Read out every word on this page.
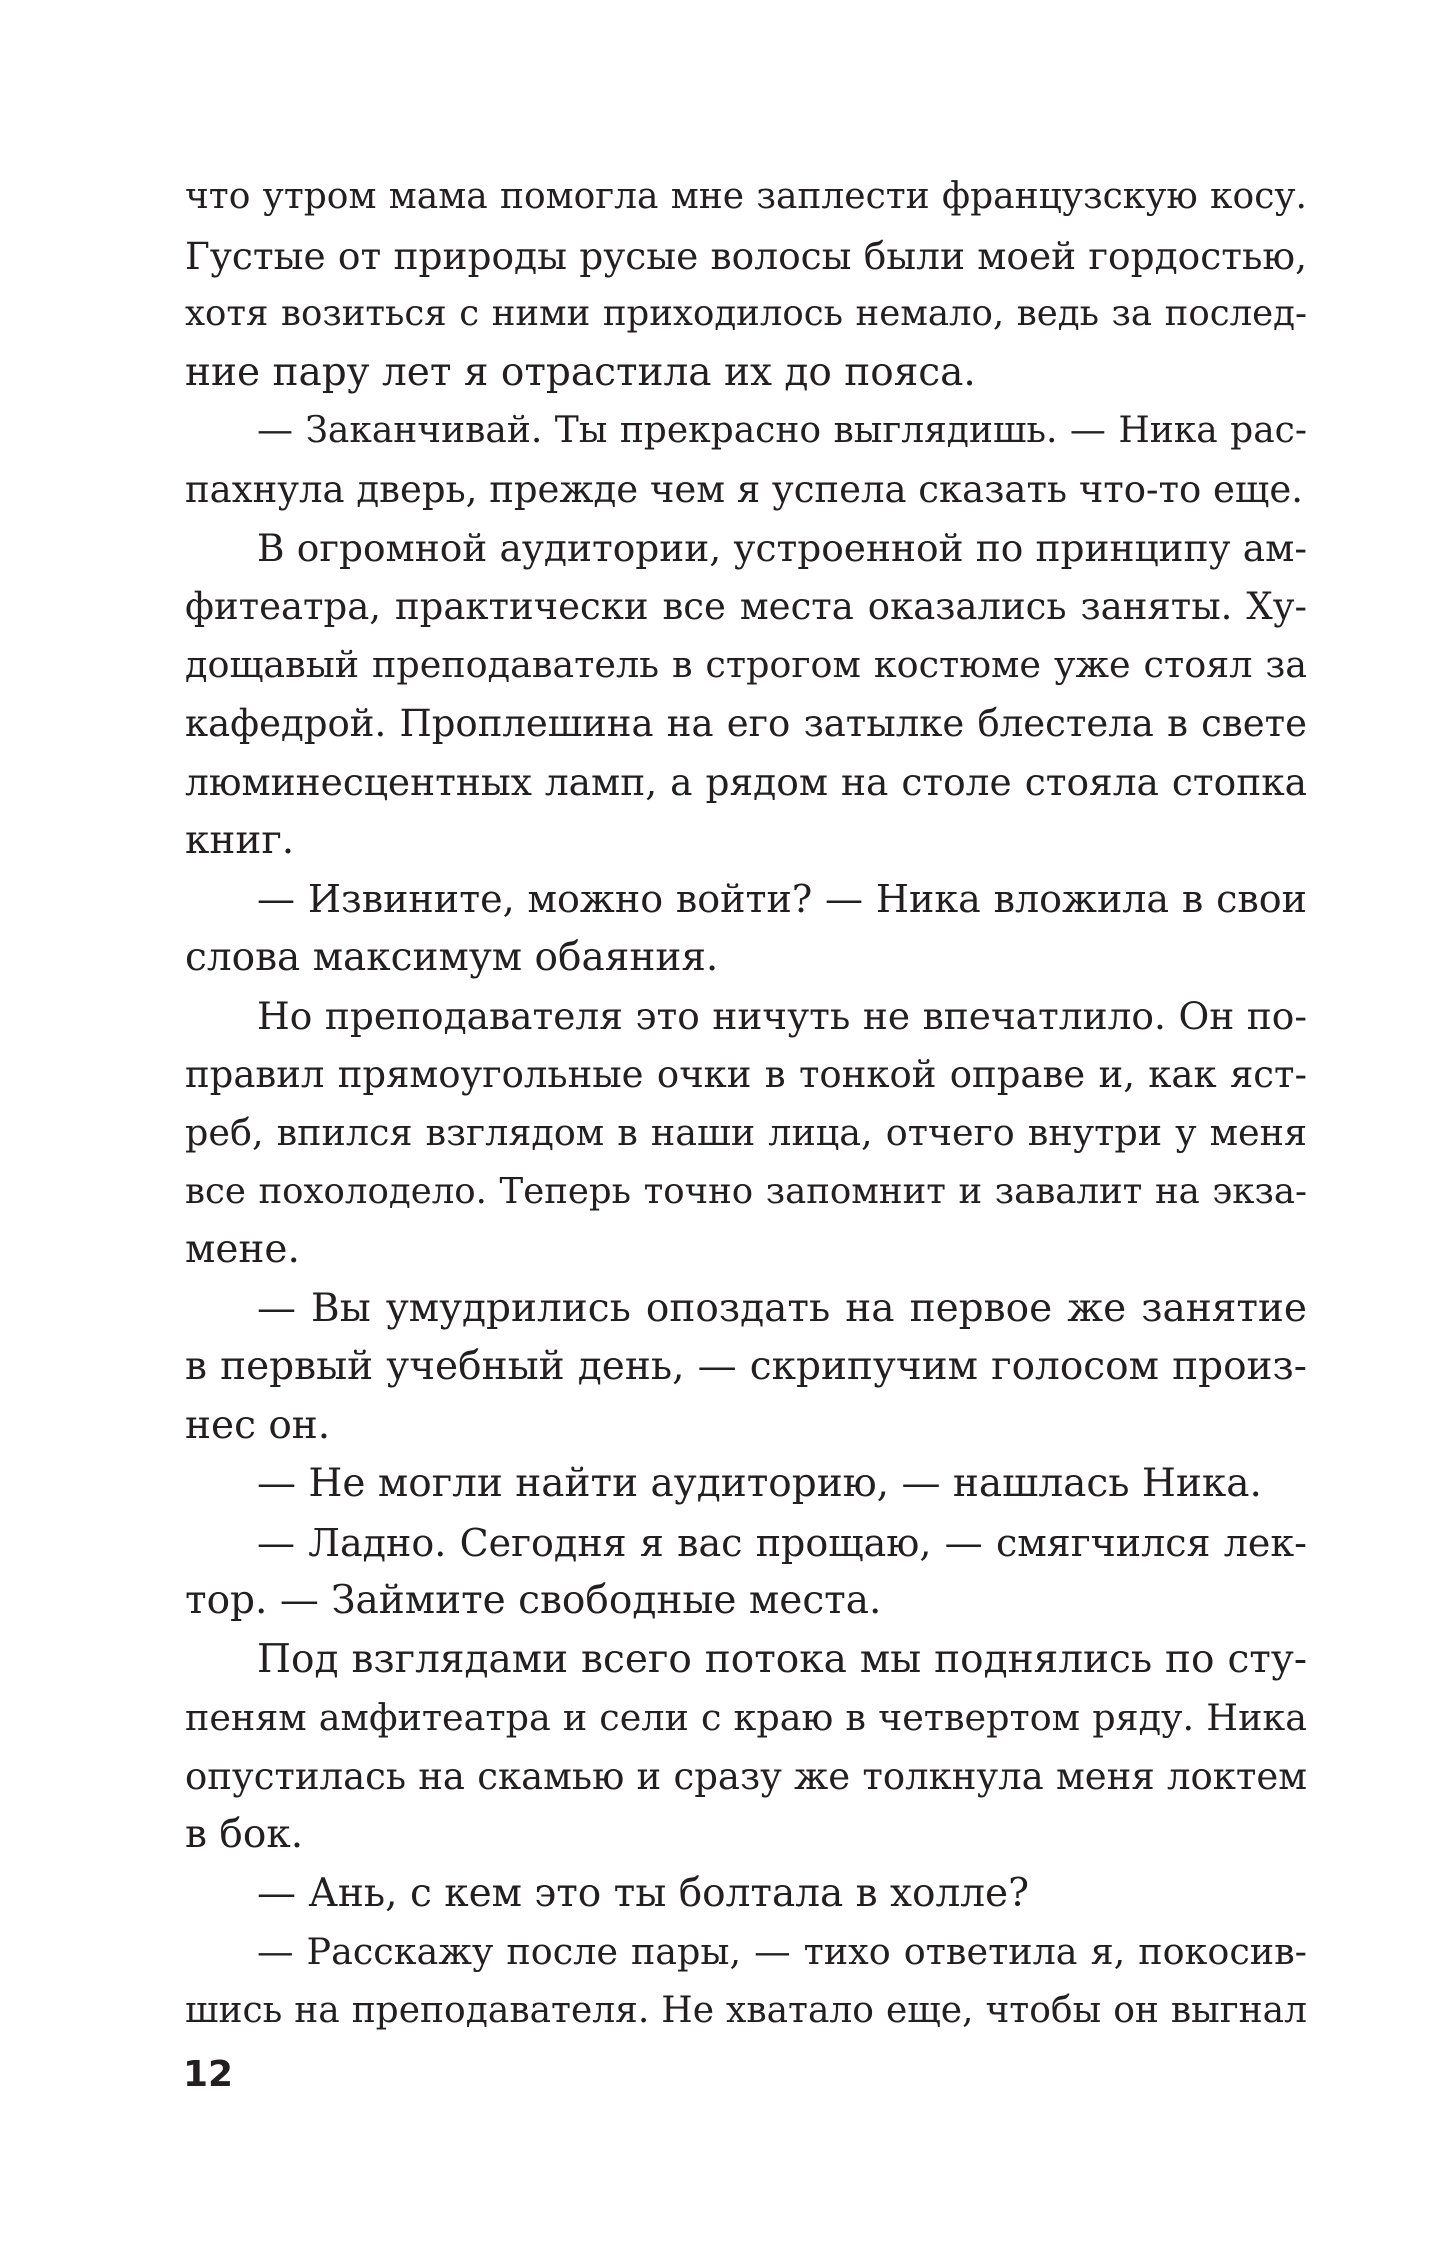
что утром мама помогла мне заплести французскую косу.
Густые от природы русые волосы были моей гордостью,
хотя возиться с ними приходилось немало, ведь за послед-
ние пару лет я отрастила их до пояса.
— Заканчивай. Ты прекрасно выглядишь. — Ника рас-
пахнула дверь, прежде чем я успела сказать что-то еще.
В огромной аудитории, устроенной по принципу ам-
фитеатра, практически все места оказались заняты. Ху-
дощавый преподаватель в строгом костюме уже стоял за
кафедрой. Проплешина на его затылке блестела в свете
люминесцентных ламп, а рядом на столе стояла стопка
книг.
— Извините, можно войти? — Ника вложила в свои
слова максимум обаяния.
Но преподавателя это ничуть не впечатлило. Он по-
правил прямоугольные очки в тонкой оправе и, как яст-
реб, впился взглядом в наши лица, отчего внутри у меня
все похолодело. Теперь точно запомнит и завалит на экза-
мене.
— Вы умудрились опоздать на первое же занятие
в первый учебный день, — скрипучим голосом произ-
нес он.
— Не могли найти аудиторию, — нашлась Ника.
— Ладно. Сегодня я вас прощаю, — смягчился лек-
тор. — Займите свободные места.
Под взглядами всего потока мы поднялись по сту-
пеням амфитеатра и сели с краю в четвертом ряду. Ника
опустилась на скамью и сразу же толкнула меня локтем
в бок.
— Ань, с кем это ты болтала в холле?
— Расскажу после пары, — тихо ответила я, покосив-
шись на преподавателя. Не хватало еще, чтобы он выгнал
12
